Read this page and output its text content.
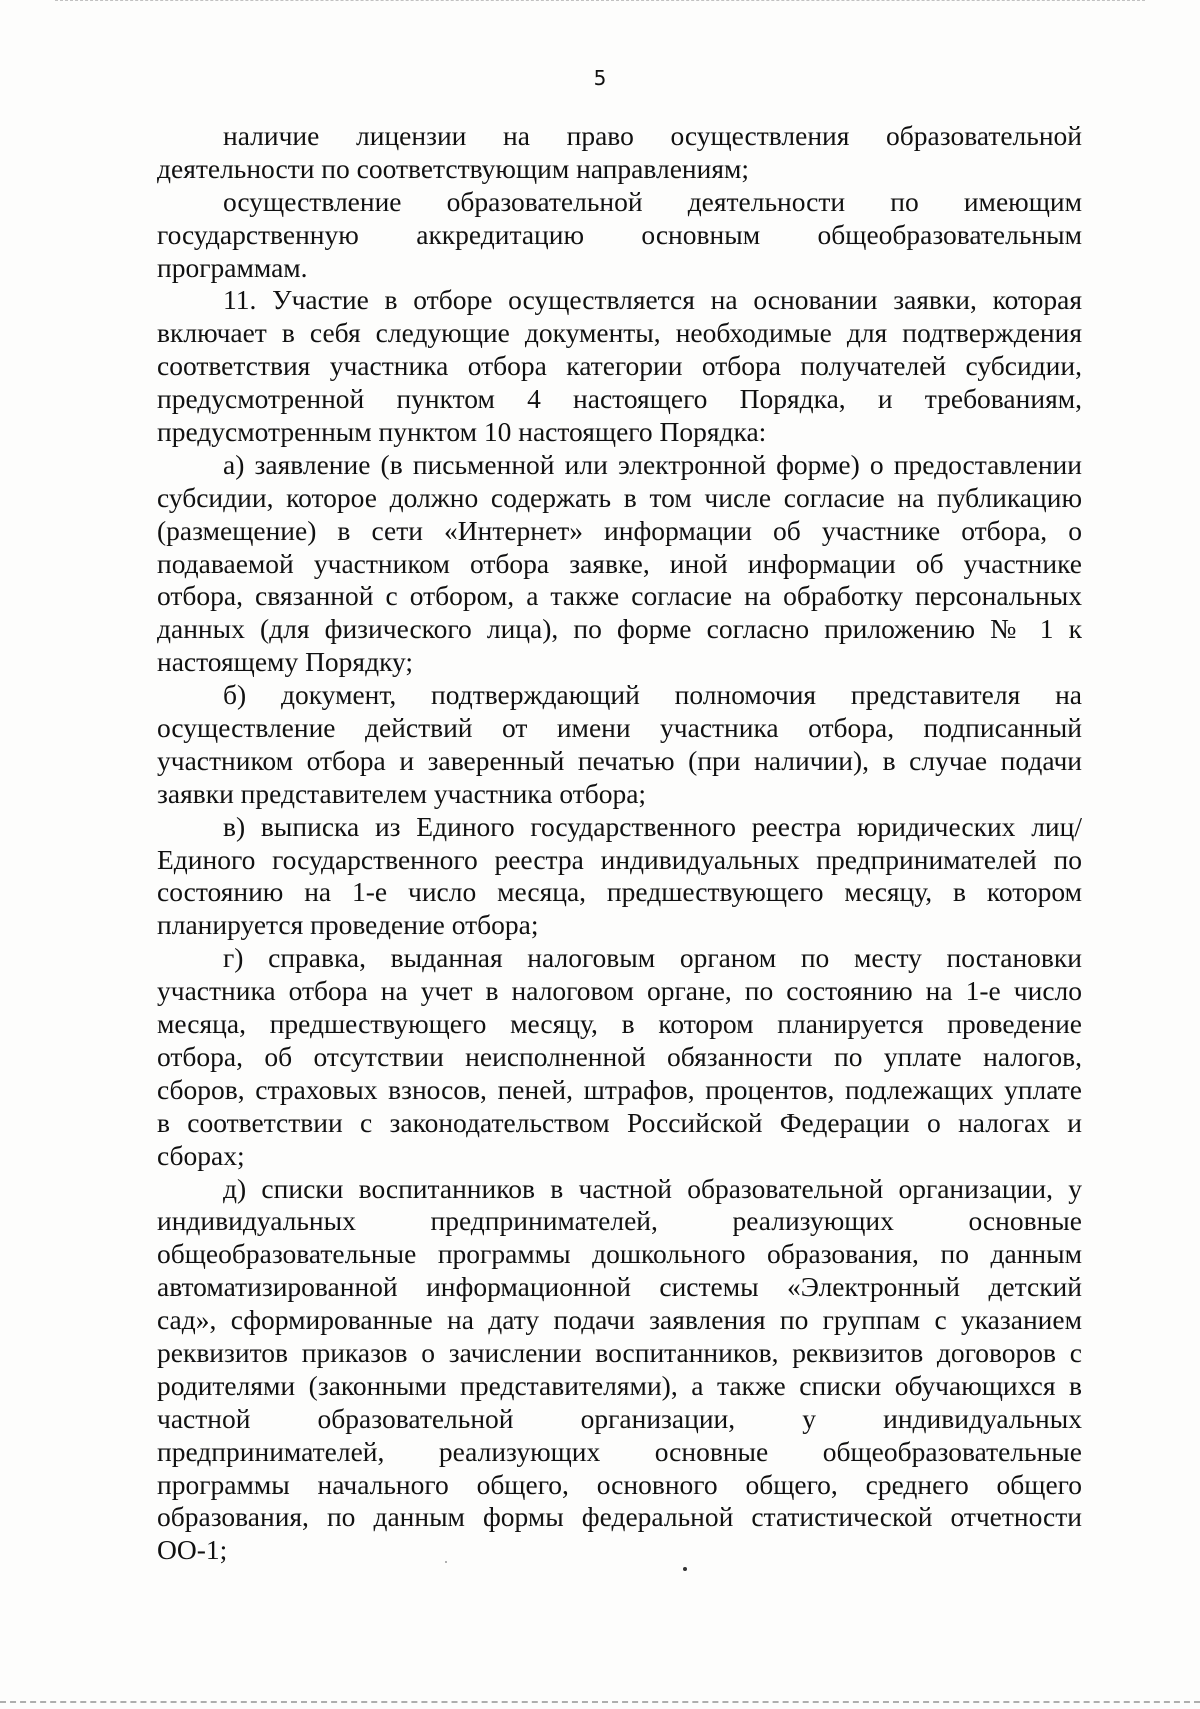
5
наличие лицензии на право осуществления образовательной
деятельности по соответствующим направлениям;
осуществление образовательной деятельности по имеющим
государственную аккредитацию основным общеобразовательным
программам.
11. Участие в отборе осуществляется на основании заявки, которая
включает в себя следующие документы, необходимые для подтверждения
соответствия участника отбора категории отбора получателей субсидии,
предусмотренной пунктом 4 настоящего Порядка, и требованиям,
предусмотренным пунктом 10 настоящего Порядка:
а) заявление (в письменной или электронной форме) о предоставлении
субсидии, которое должно содержать в том числе согласие на публикацию
(размещение) в сети «Интернет» информации об участнике отбора, о
подаваемой участником отбора заявке, иной информации об участнике
отбора, связанной с отбором, а также согласие на обработку персональных
данных (для физического лица), по форме согласно приложению № 1 к
настоящему Порядку;
б) документ, подтверждающий полномочия представителя на
осуществление действий от имени участника отбора, подписанный
участником отбора и заверенный печатью (при наличии), в случае подачи
заявки представителем участника отбора;
в) выписка из Единого государственного реестра юридических лиц/
Единого государственного реестра индивидуальных предпринимателей по
состоянию на 1-е число месяца, предшествующего месяцу, в котором
планируется проведение отбора;
г) справка, выданная налоговым органом по месту постановки
участника отбора на учет в налоговом органе, по состоянию на 1-е число
месяца, предшествующего месяцу, в котором планируется проведение
отбора, об отсутствии неисполненной обязанности по уплате налогов,
сборов, страховых взносов, пеней, штрафов, процентов, подлежащих уплате
в соответствии с законодательством Российской Федерации о налогах и
сборах;
д) списки воспитанников в частной образовательной организации, у
индивидуальных предпринимателей, реализующих основные
общеобразовательные программы дошкольного образования, по данным
автоматизированной информационной системы «Электронный детский
сад», сформированные на дату подачи заявления по группам с указанием
реквизитов приказов о зачислении воспитанников, реквизитов договоров с
родителями (законными представителями), а также списки обучающихся в
частной образовательной организации, у индивидуальных
предпринимателей, реализующих основные общеобразовательные
программы начального общего, основного общего, среднего общего
образования, по данным формы федеральной статистической отчетности
ОО-1;
